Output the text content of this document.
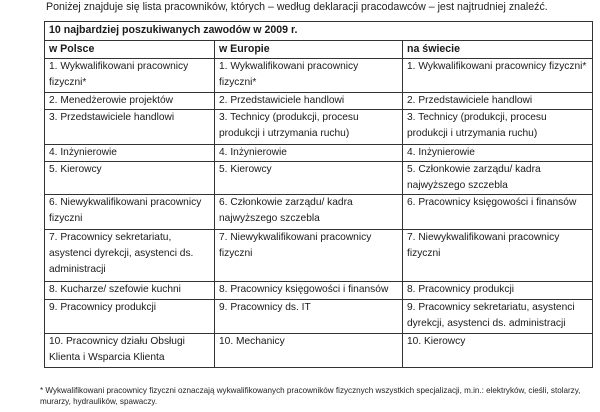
Poniżej znajduje się lista pracowników, których – według deklaracji pracodawców – jest najtrudniej znaleźć.
10 najbardziej poszukiwanych zawodów w 2009 r.		
w Polsce	w Europie	na świecie
1. Wykwalifikowani pracownicy fizyczni*	1. Wykwalifikowani pracownicy fizyczni*	1. Wykwalifikowani pracownicy fizyczni*
2. Menedżerowie projektów	2. Przedstawiciele handlowi	2. Przedstawiciele handlowi
3. Przedstawiciele handlowi	3. Technicy (produkcji, procesu produkcji i utrzymania ruchu)	3. Technicy (produkcji, procesu produkcji i utrzymania ruchu)
4. Inżynierowie	4. Inżynierowie	4. Inżynierowie
5. Kierowcy	5. Kierowcy	5. Członkowie zarządu/ kadra najwyższego szczebla
6. Niewykwalifikowani pracownicy fizyczni	6. Członkowie zarządu/ kadra najwyższego szczebla	6. Pracownicy księgowości i finansów
7. Pracownicy sekretariatu, asystenci dyrekcji, asystenci ds. administracji	7. Niewykwalifikowani pracownicy fizyczni	7. Niewykwalifikowani pracownicy fizyczni
8. Kucharze/ szefowie kuchni	8. Pracownicy księgowości i finansów	8. Pracownicy produkcji
9. Pracownicy produkcji	9. Pracownicy ds. IT	9. Pracownicy sekretariatu, asystenci dyrekcji, asystenci ds. administracji
10. Pracownicy działu Obsługi Klienta i Wsparcia Klienta	10. Mechanicy	10. Kierowcy
* Wykwalifikowani pracownicy fizyczni oznaczają wykwalifikowanych pracowników fizycznych wszystkich specjalizacji, m.in.: elektryków, cieśli, stolarzy, murarzy, hydraulików, spawaczy.
